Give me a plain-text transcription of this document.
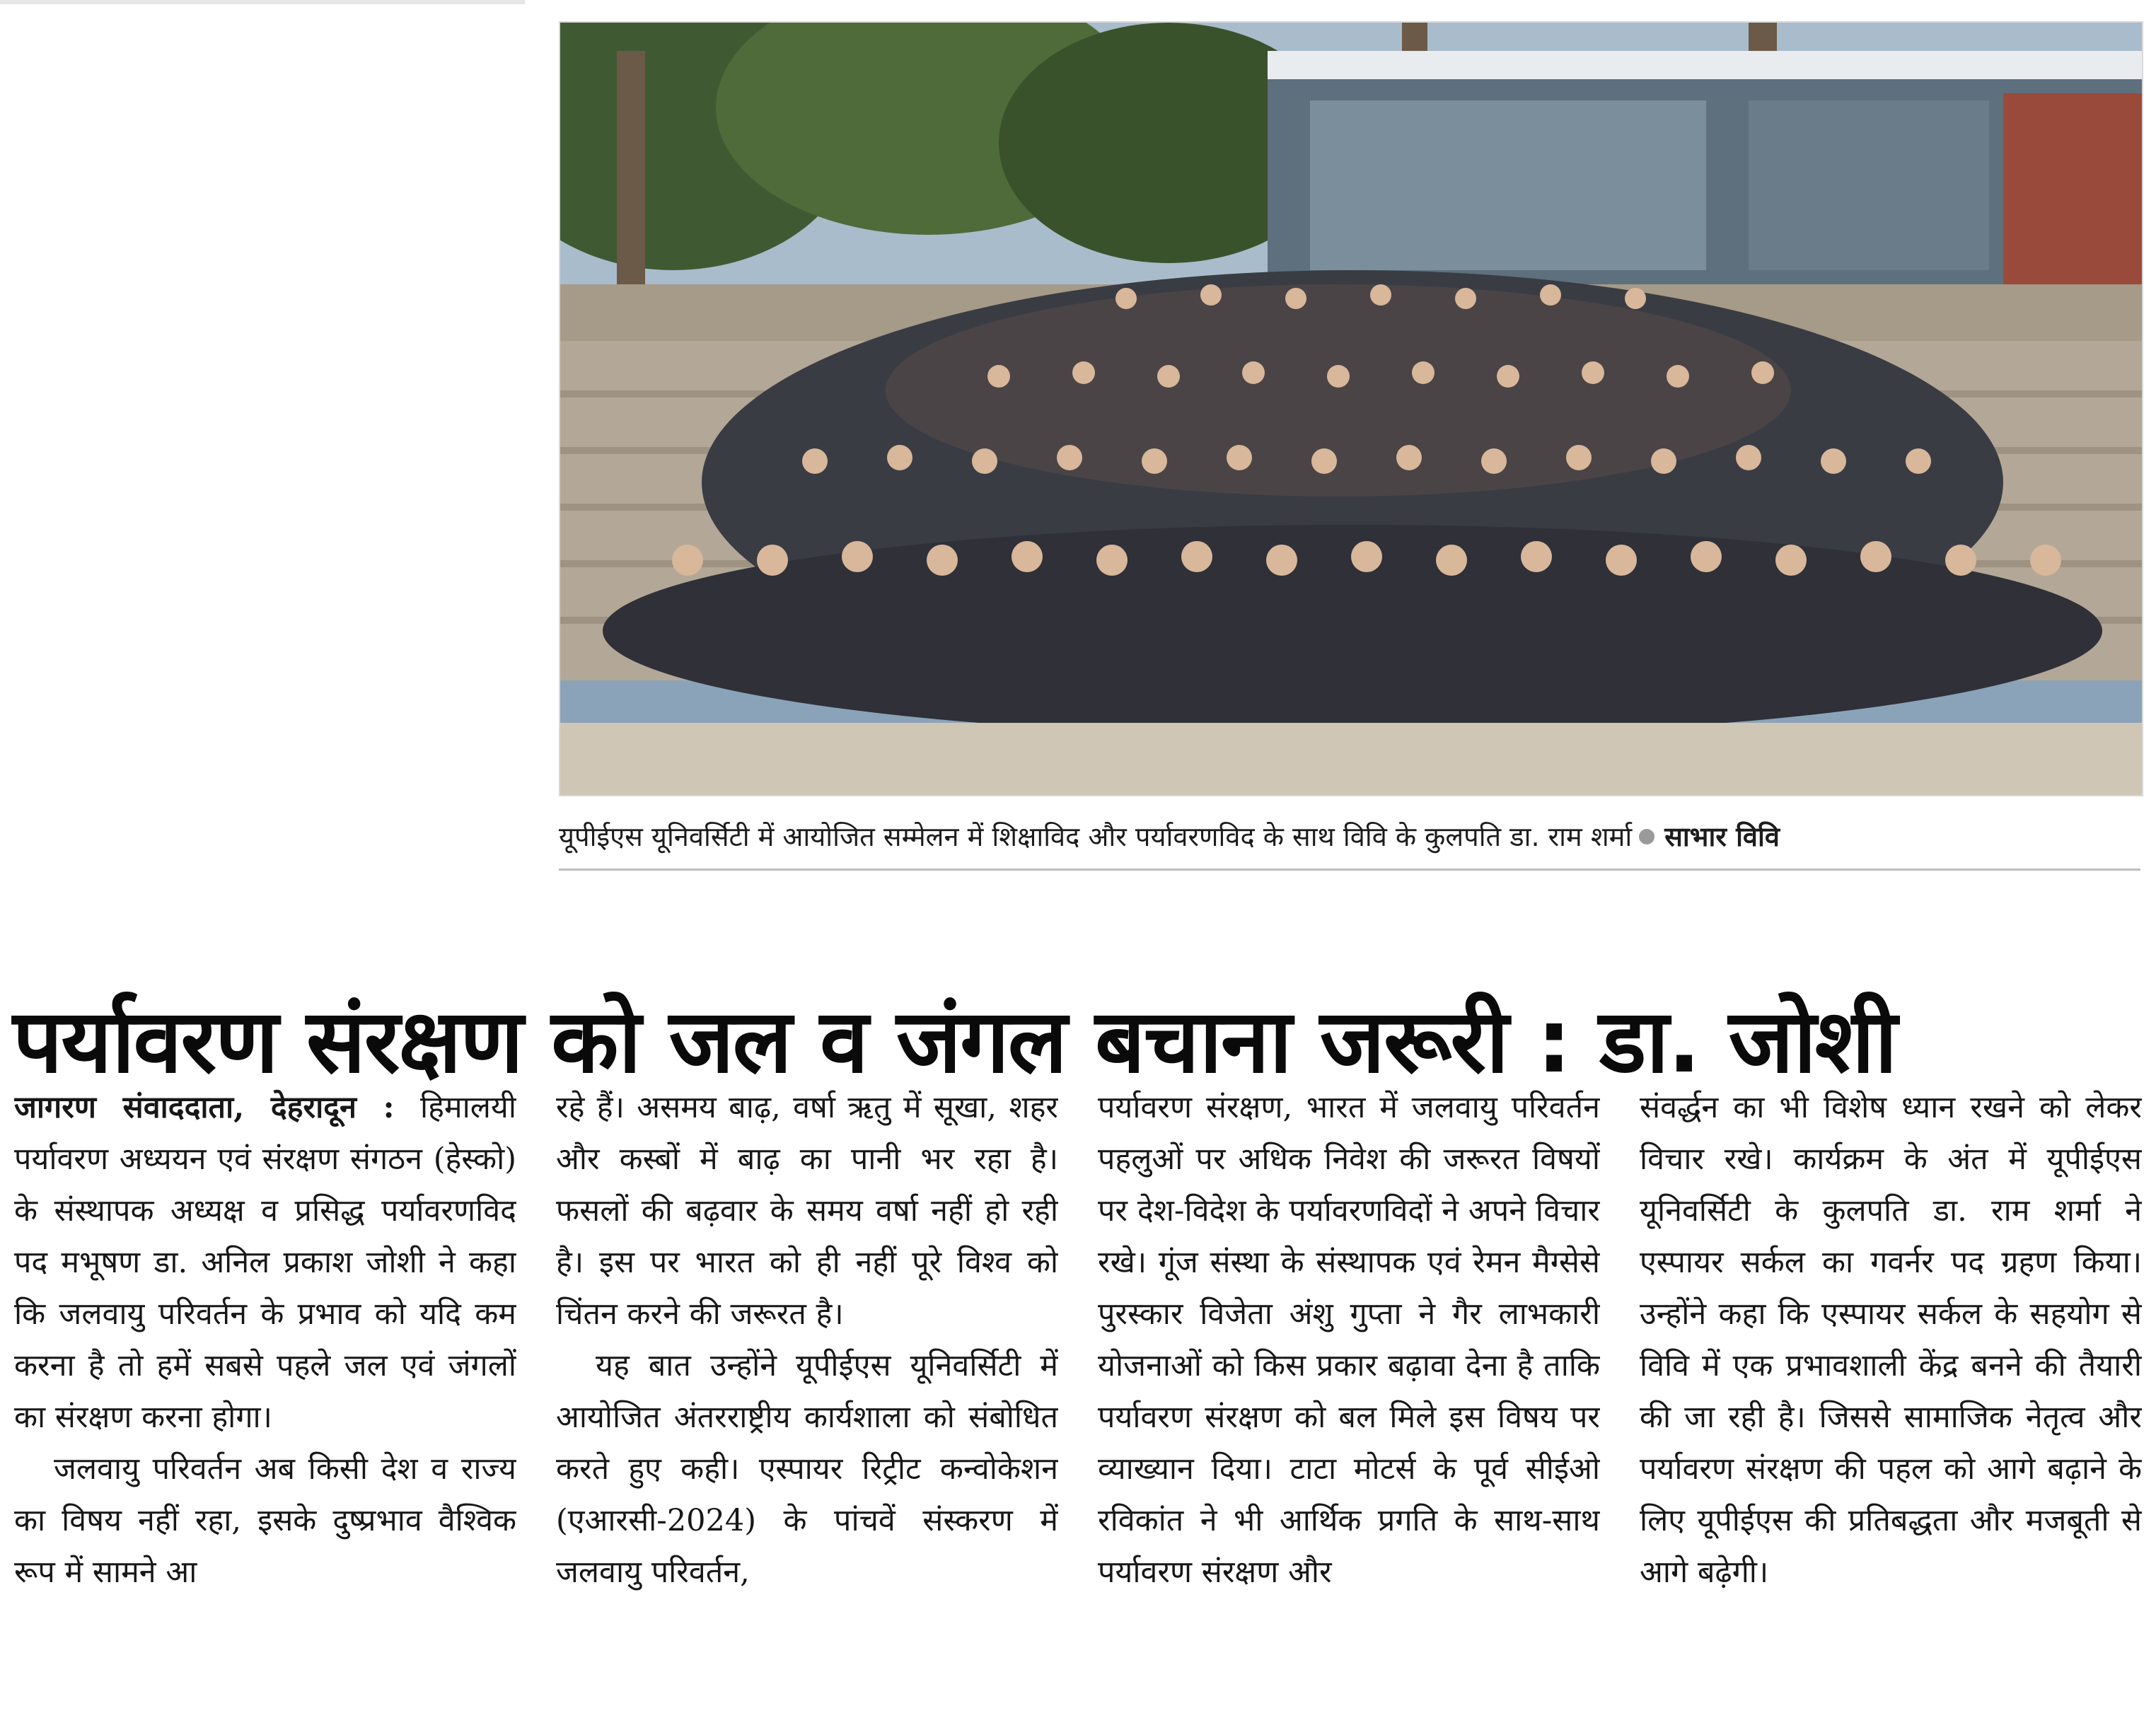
यूपीईएस यूनिवर्सिटी में आयोजित सम्मेलन में शिक्षाविद और पर्यावरणविद के साथ विवि के कुलपति डा. राम शर्मा साभार विवि
पर्यावरण संरक्षण को जल व जंगल बचाना जरूरी : डा. जोशी

जागरण संवाददाता, देहरादून : हिमालयी पर्यावरण अध्ययन एवं संरक्षण संगठन (हेस्को) के संस्थापक अध्यक्ष व प्रसिद्ध पर्यावरणविद पद मभूषण डा. अनिल प्रकाश जोशी ने कहा कि जलवायु परिवर्तन के प्रभाव को यदि कम करना है तो हमें सबसे पहले जल एवं जंगलों का संरक्षण करना होगा।

जलवायु परिवर्तन अब किसी देश व राज्य का विषय नहीं रहा, इसके दुष्प्रभाव वैश्विक रूप में सामने आ

रहे हैं। असमय बाढ़, वर्षा ऋतु में सूखा, शहर और कस्बों में बाढ़ का पानी भर रहा है। फसलों की बढ़वार के समय वर्षा नहीं हो रही है। इस पर भारत को ही नहीं पूरे विश्व को चिंतन करने की जरूरत है।

यह बात उन्होंने यूपीईएस यूनिवर्सिटी में आयोजित अंतरराष्ट्रीय कार्यशाला को संबोधित करते हुए कही। एस्पायर रिट्रीट कन्वोकेशन (एआरसी-2024) के पांचवें संस्करण में जलवायु परिवर्तन,

पर्यावरण संरक्षण, भारत में जलवायु परिवर्तन पहलुओं पर अधिक निवेश की जरूरत विषयों पर देश-विदेश के पर्यावरणविदों ने अपने विचार रखे। गूंज संस्था के संस्थापक एवं रेमन मैग्सेसे पुरस्कार विजेता अंशु गुप्ता ने गैर लाभकारी योजनाओं को किस प्रकार बढ़ावा देना है ताकि पर्यावरण संरक्षण को बल मिले इस विषय पर व्याख्यान दिया। टाटा मोटर्स के पूर्व सीईओ रविकांत ने भी आर्थिक प्रगति के साथ-साथ पर्यावरण संरक्षण और

संवर्द्धन का भी विशेष ध्यान रखने को लेकर विचार रखे। कार्यक्रम के अंत में यूपीईएस यूनिवर्सिटी के कुलपति डा. राम शर्मा ने एस्पायर सर्कल का गवर्नर पद ग्रहण किया। उन्होंने कहा कि एस्पायर सर्कल के सहयोग से विवि में एक प्रभावशाली केंद्र बनने की तैयारी की जा रही है। जिससे सामाजिक नेतृत्व और पर्यावरण संरक्षण की पहल को आगे बढ़ाने के लिए यूपीईएस की प्रतिबद्धता और मजबूती से आगे बढ़ेगी।
